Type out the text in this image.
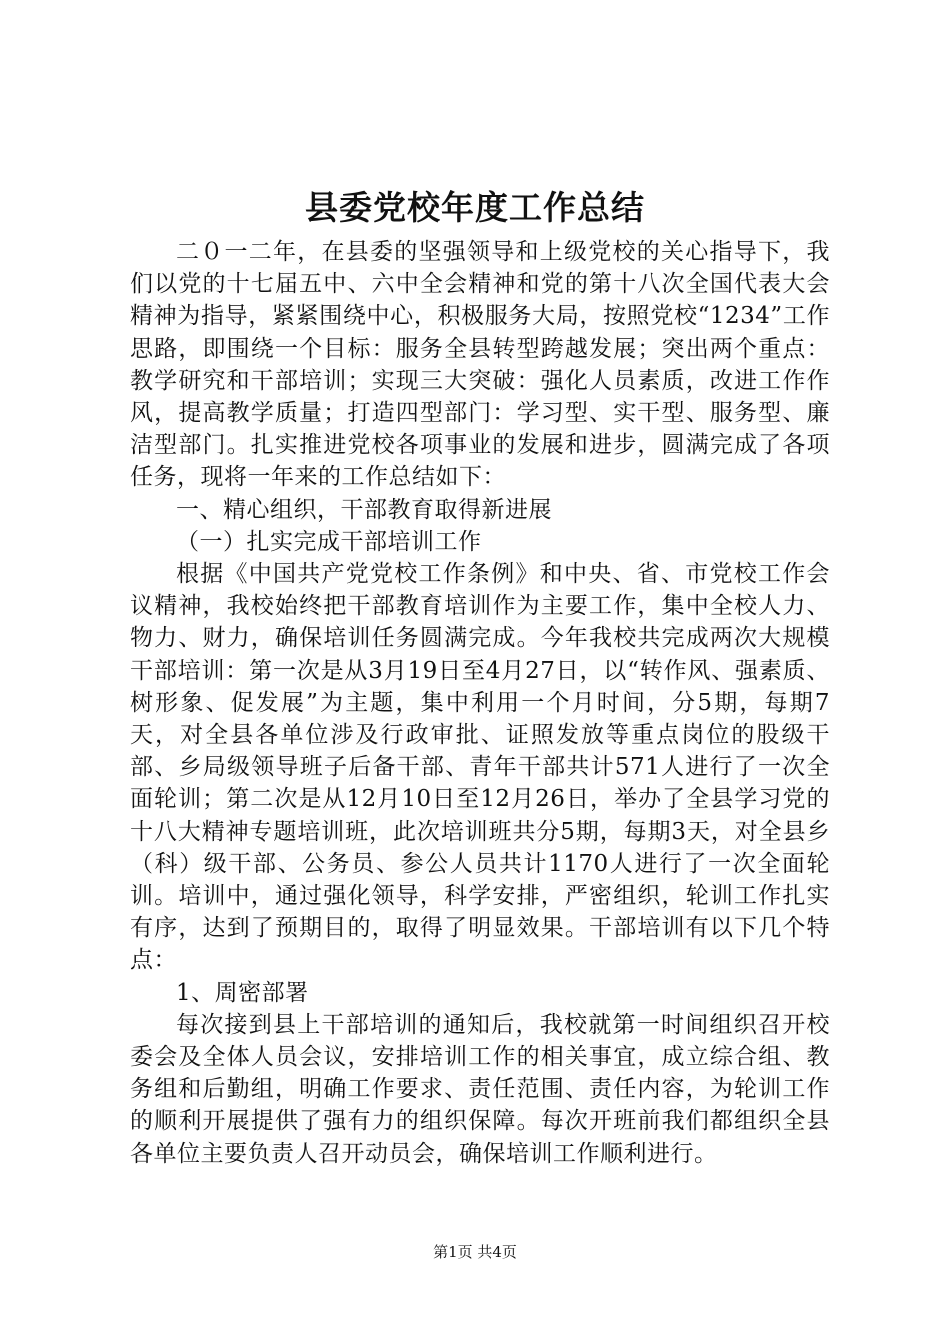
县委党校年度工作总结

二０一二年，在县委的坚强领导和上级党校的关心指导下，我们以党的十七届五中、六中全会精神和党的第十八次全国代表大会精神为指导，紧紧围绕中心，积极服务大局，按照党校“1234”工作思路，即围绕一个目标：服务全县转型跨越发展；突出两个重点：教学研究和干部培训；实现三大突破：强化人员素质，改进工作作风，提高教学质量；打造四型部门：学习型、实干型、服务型、廉洁型部门。扎实推进党校各项事业的发展和进步，圆满完成了各项任务，现将一年来的工作总结如下：

一、精心组织，干部教育取得新进展

（一）扎实完成干部培训工作

根据《中国共产党党校工作条例》和中央、省、市党校工作会议精神，我校始终把干部教育培训作为主要工作，集中全校人力、物力、财力，确保培训任务圆满完成。今年我校共完成两次大规模干部培训：第一次是从3月19日至4月27日，以“转作风、强素质、树形象、促发展”为主题，集中利用一个月时间，分5期，每期7天，对全县各单位涉及行政审批、证照发放等重点岗位的股级干部、乡局级领导班子后备干部、青年干部共计571人进行了一次全面轮训；第二次是从12月10日至12月26日，举办了全县学习党的十八大精神专题培训班，此次培训班共分5期，每期3天，对全县乡（科）级干部、公务员、参公人员共计1170人进行了一次全面轮训。培训中，通过强化领导，科学安排，严密组织，轮训工作扎实有序，达到了预期目的，取得了明显效果。干部培训有以下几个特点：

1、周密部署

每次接到县上干部培训的通知后，我校就第一时间组织召开校委会及全体人员会议，安排培训工作的相关事宜，成立综合组、教务组和后勤组，明确工作要求、责任范围、责任内容，为轮训工作的顺利开展提供了强有力的组织保障。每次开班前我们都组织全县各单位主要负责人召开动员会，确保培训工作顺利进行。

第1页 共4页
